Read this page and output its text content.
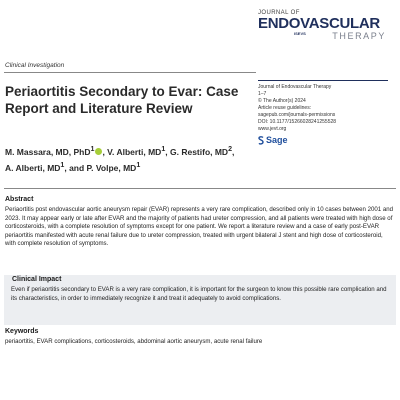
JOURNAL OF
ENDOVASCULAR
ISEVS	THERAPY
Journal of Endovascular Therapy
1–7
© The Author(s) 2024
Article reuse guidelines:
sagepub.com/journals-permissions
DOI: 10.1177/15266028241255528
www.jevt.org
Sage
Clinical Investigation
Periaortitis Secondary to Evar: Case Report and Literature Review
M. Massara, MD, PhD$^1$ , V. Alberti, $MD^1$, G. Restifo, $MD^2$,
A. Alberti, $MD^1$, and P. Volpe, $MD^1$
Abstract
Periaortitis post endovascular aortic aneurysm repair (EVAR) represents a very rare complication, described only in 10 cases between 2001 and 2023. It may appear early or late after EVAR and the majority of patients had ureter compression, and all patients were treated with high dose of corticosteroids, with a complete resolution of symptoms except for one patient. We report a literature review and a case of early post-EVAR periaortitis manifested with acute renal failure due to ureter compression, treated with urgent bilateral J stent and high dose of corticosteroid, with complete resolution of symptoms.
Clinical Impact
Even if periaortitis secondary to EVAR is a very rare complication, it is important for the surgeon to know this possible rare complication and its characteristics, in order to immediately recognize it and treat it adequately to avoid complications.
Keywords
periaortitis, EVAR complications, corticosteroids, abdominal aortic aneurysm, acute renal failure
